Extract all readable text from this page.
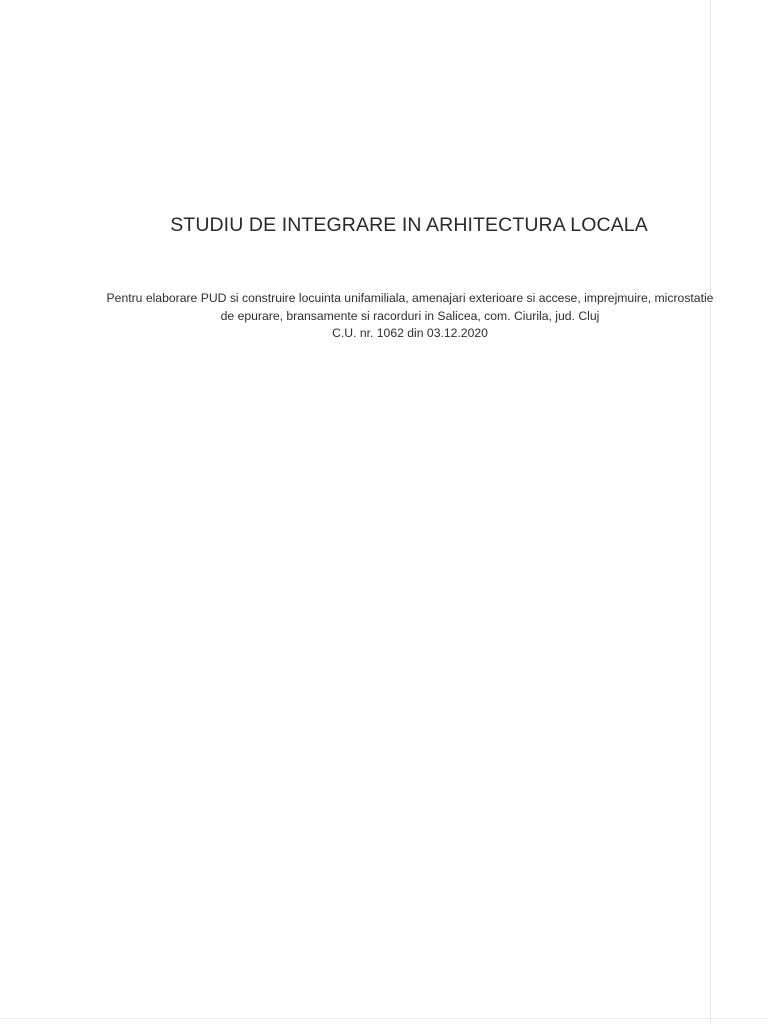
STUDIU DE INTEGRARE IN ARHITECTURA LOCALA
Pentru elaborare PUD si construire locuinta unifamiliala, amenajari exterioare si accese, imprejmuire, microstatie
de epurare, bransamente si racorduri in Salicea, com. Ciurila, jud. Cluj
C.U. nr. 1062 din 03.12.2020
